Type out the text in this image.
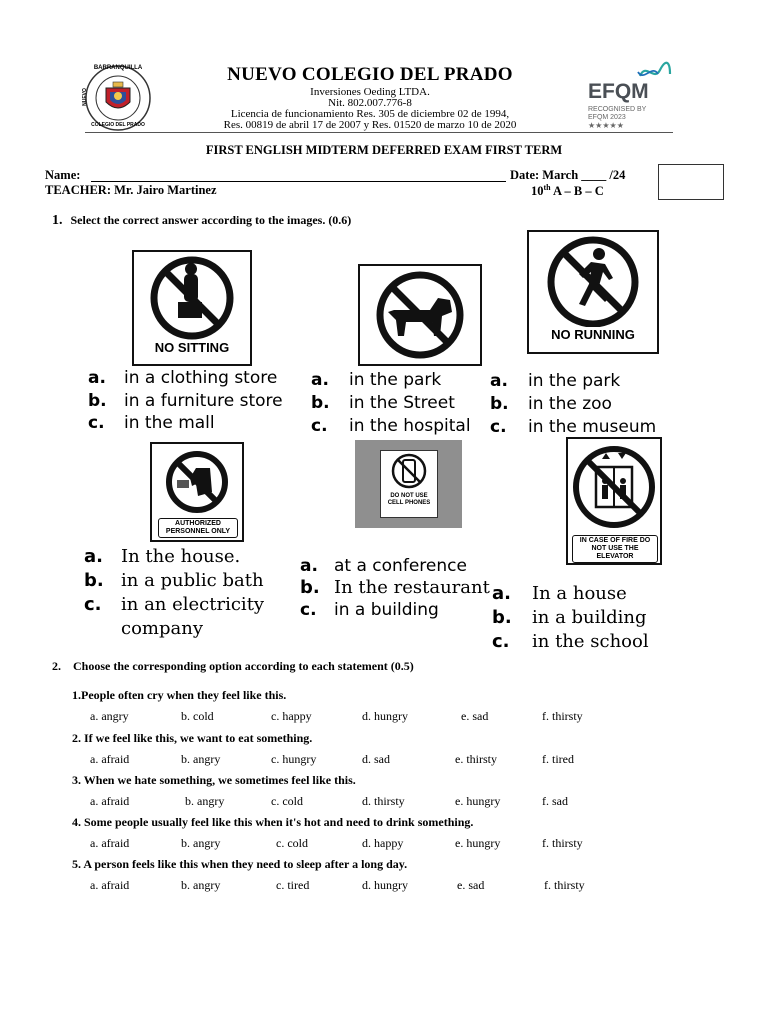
BARRANQUILLA
COLEGIO DEL PRADO
NUEVO
NUEVO COLEGIO DEL PRADO
Inversiones Oeding LTDA.
Nit. 802.007.776-8
Licencia de funcionamiento Res. 305 de diciembre 02 de 1994,
Res. 00819 de abril 17 de 2007 y Res. 01520 de marzo 10 de 2020
EFQM
RECOGNISED BY
EFQM 2023
★★★★★
FIRST ENGLISH MIDTERM DEFERRED EXAM FIRST TERM
Name:	Date: March ____ /24
TEACHER: Mr. Jairo Martinez	10th A – B – C
1. Select the correct answer according to the images. (0.6)
NO SITTING
NO RUNNING
a. in a clothing store
b. in a furniture store
c. in the mall
a. in the park
b. in the Street
c. in the hospital
a. in the park
b. in the zoo
c. in the museum
AUTHORIZED PERSONNEL ONLY
DO NOT USE CELL PHONES
IN CASE OF FIRE DO NOT USE THE ELEVATOR
a. In the house.
b. in a public bath
c. in an electricity
company
a. at a conference
b. In the restaurant
c. in a building
a. In a house
b. in a building
c. in the school
2. Choose the corresponding option according to each statement (0.5)
1.People often cry when they feel like this.
a. angry	b. cold	c. happy	d. hungry	e. sad	f. thirsty
2. If we feel like this, we want to eat something.
a. afraid	b. angry	c. hungry	d. sad	e. thirsty	f. tired
3. When we hate something, we sometimes feel like this.
a. afraid	b. angry	c. cold	d. thirsty	e. hungry	f. sad
4. Some people usually feel like this when it's hot and need to drink something.
a. afraid	b. angry	c. cold	d. happy	e. hungry	f. thirsty
5. A person feels like this when they need to sleep after a long day.
a. afraid	b. angry	c. tired	d. hungry	e. sad	f. thirsty
